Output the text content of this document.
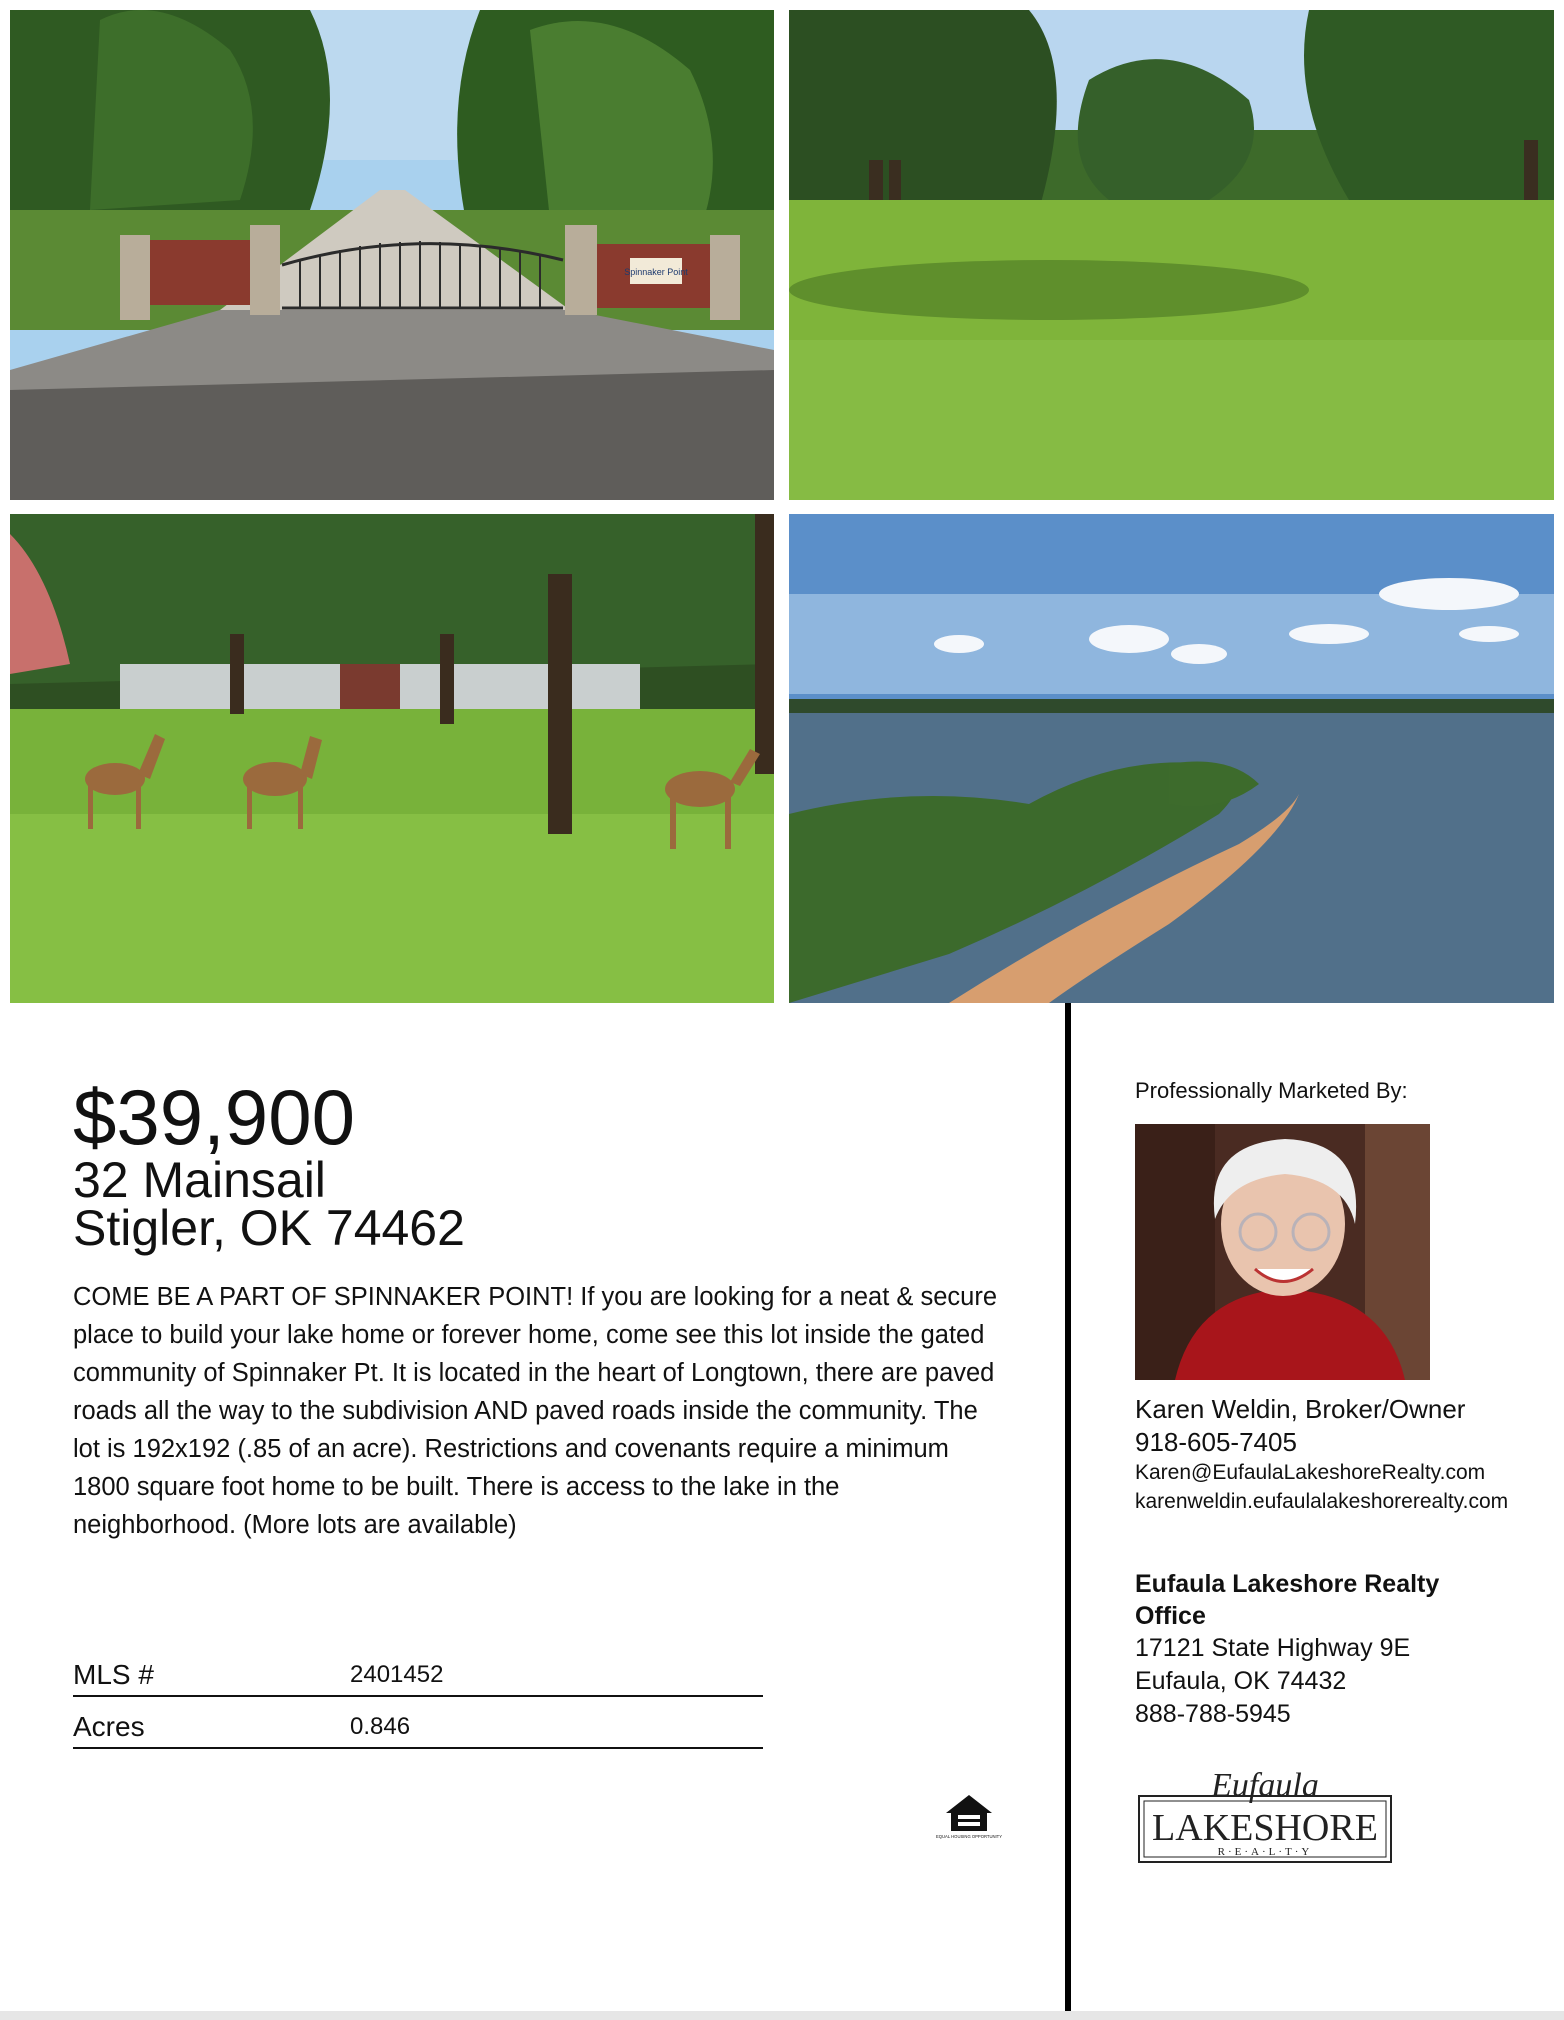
Spinnaker Point
$39,900
32 Mainsail
Stigler, OK 74462
COME BE A PART OF SPINNAKER POINT! If you are looking for a neat & secure place to build your lake home or forever home, come see this lot inside the gated community of Spinnaker Pt. It is located in the heart of Longtown, there are paved roads all the way to the subdivision AND paved roads inside the community. The lot is 192x192 (.85 of an acre). Restrictions and covenants require a minimum 1800 square foot home to be built. There is access to the lake in the neighborhood. (More lots are available)
MLS #	2401452
Acres	0.846
EQUAL HOUSING OPPORTUNITY
Professionally Marketed By:
Karen Weldin, Broker/Owner
918-605-7405
Karen@EufaulaLakeshoreRealty.com
karenweldin.eufaulalakeshorerealty.com
Eufaula Lakeshore Realty Office
17121 State Highway 9E
Eufaula, OK 74432
888-788-5945
Eufaula
LAKESHORE
R·E·A·L·T·Y
